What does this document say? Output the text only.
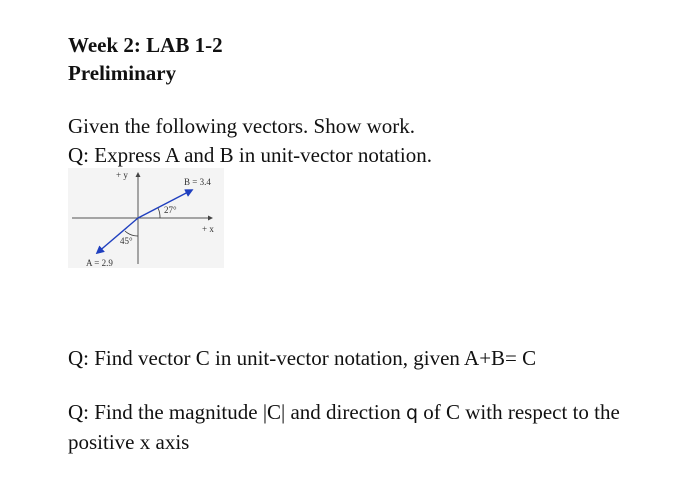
Week 2: LAB 1-2
Preliminary

Given the following vectors. Show work.

Q: Express A and B in unit-vector notation.

+ y
+ x
B = 3.4
A = 2.9
27°
45°

Q: Find vector C in unit-vector notation, given A+B= C

Q: Find the magnitude |C| and direction q of C with respect to the positive x axis
